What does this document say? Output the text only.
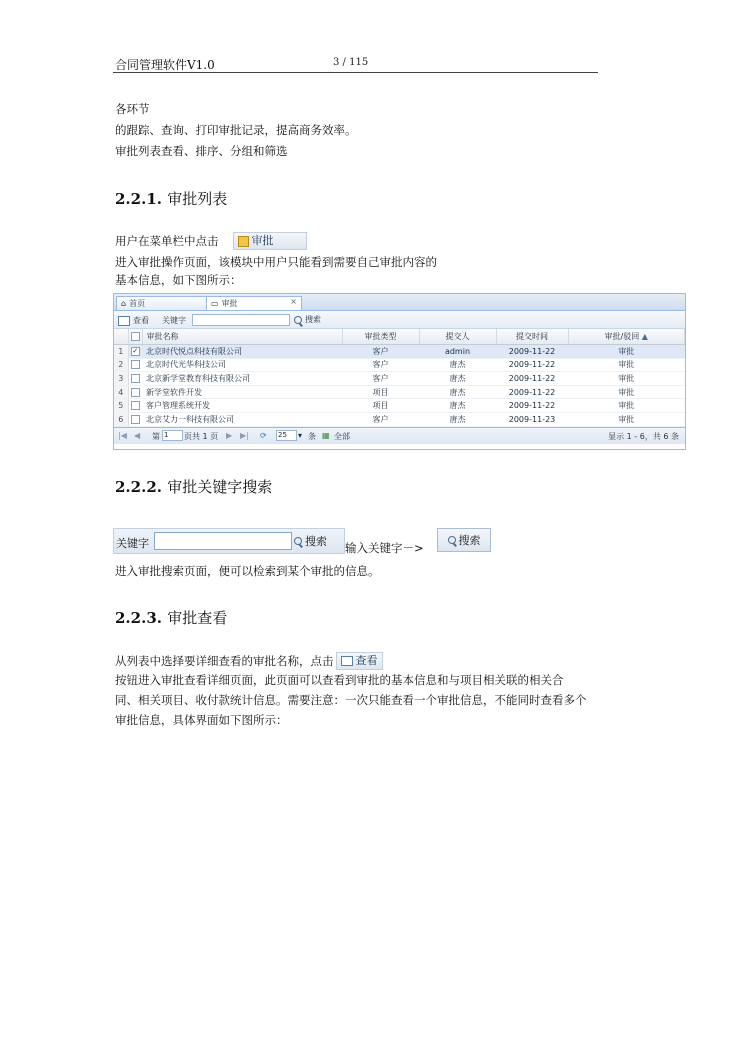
合同管理软件V1.0	3 / 115
各环节
的跟踪、查询、打印审批记录，提高商务效率。
审批列表查看、排序、分组和筛选
2.2.1. 审批列表
用户在菜单栏中点击	审批
进入审批操作页面，该模块中用户只能看到需要自己审批内容的
基本信息，如下图所示：
⌂ 首页	▭ 审批	×
查看 关键字	搜索
		审批名称	审批类型	提交人	提交时间	审批/驳回 ▲
1	✓	北京时代悦点科技有限公司	客户	admin	2009-11-22	审批
2		北京时代光华科技公司	客户	唐杰	2009-11-22	审批
3		北京新学堂教育科技有限公司	客户	唐杰	2009-11-22	审批
4		新学堂软件开发	项目	唐杰	2009-11-22	审批
5		客户管理系统开发	项目	唐杰	2009-11-22	审批
6		北京艾力一科技有限公司	客户	唐杰	2009-11-23	审批
|◀ ◀ 第 1	页共 1 页 ▶ ▶| ⟳ 25	▾ 条 ▦ 全部	显示 1 - 6，共 6 条
2.2.2. 审批关键字搜索
关键字	搜索 输入关键字－>
搜索
进入审批搜索页面，便可以检索到某个审批的信息。
2.2.3. 审批查看
从列表中选择要详细查看的审批名称，点击 查看
按钮进入审批查看详细页面，此页面可以查看到审批的基本信息和与项目相关联的相关合
同、相关项目、收付款统计信息。需要注意：一次只能查看一个审批信息，不能同时查看多个
审批信息，具体界面如下图所示：
